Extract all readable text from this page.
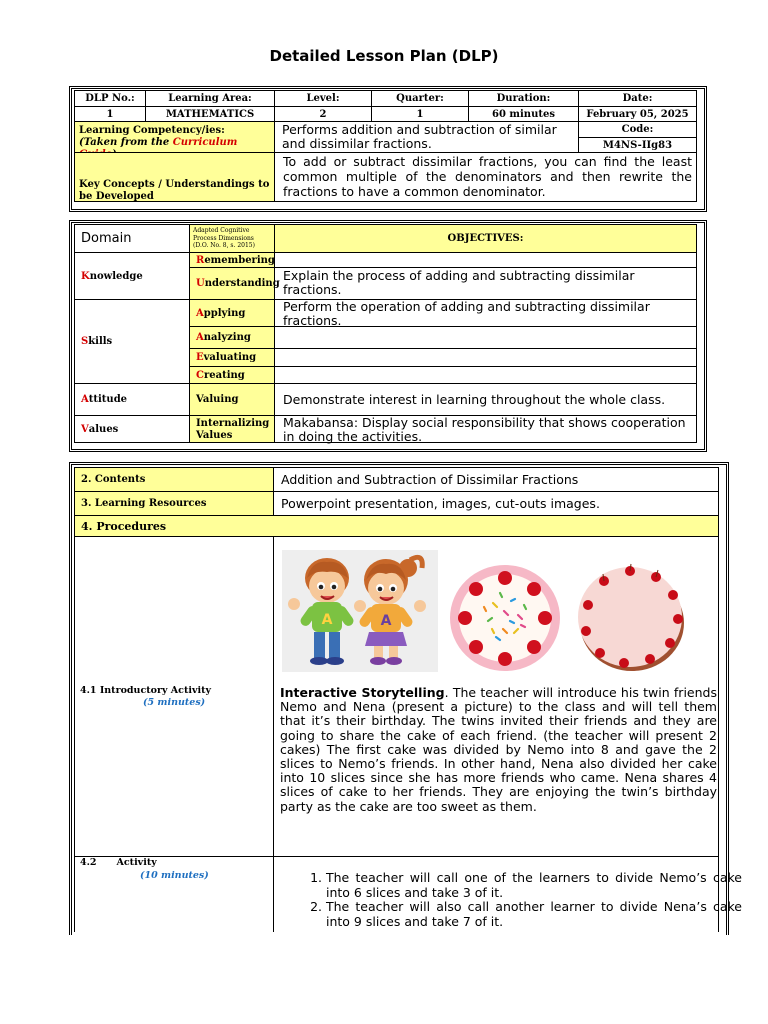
Detailed Lesson Plan (DLP)
DLP No.:	Learning Area:	Level:	Quarter:	Duration:	Date:
1	MATHEMATICS	2	1	60 minutes	February 05, 2025
Learning Competency/ies:
(Taken from the Curriculum
Performs addition and subtraction of similar and dissimilar fractions.
Code:
M4NS-IIg83
Key Concepts / Understandings to be Developed
To add or subtract dissimilar fractions, you can find the least common multiple of the denominators and then rewrite the fractions to have a common denominator.
Domain
Adapted Cognitive Process Dimensions (D.O. No. 8, s. 2015)
OBJECTIVES:
K nowledge
R emembering
U nderstanding
Explain the process of adding and subtracting dissimilar fractions.
S kills
A pplying	Perform the operation of adding and subtracting dissimilar fractions.
A nalyzing
E valuating
C reating
A ttitude	Valuing	Demonstrate interest in learning throughout the whole class.
V alues	Internalizing Values
Makabansa: Display social responsibility that shows cooperation in doing the activities.
2. Contents	Addition and Subtraction of Dissimilar Fractions
3. Learning Resources	Powerpoint presentation, images, cut-outs images.
4. Procedures
4.1 Introductory Activity
(5 minutes)
A	A
Interactive Storytelling. The teacher will introduce his twin friends Nemo and Nena (present a picture) to the class and will tell them that it’s their birthday. The twins invited their friends and they are going to share the cake of each friend. (the teacher will present 2 cakes) The first cake was divided by Nemo into 8 and gave the 2 slices to Nemo’s friends. In other hand, Nena also divided her cake into 10 slices since she has more friends who came. Nena shares 4 slices of cake to her friends. They are enjoying the twin’s birthday party as the cake are too sweet as them.
4.2 Activity
(10 minutes)
1.	The teacher will call one of the learners to divide Nemo’s cake into 6 slices and take 3 of it.
2. The teacher will also call another learner to divide Nena’s cake into 9 slices and take 7 of it.
